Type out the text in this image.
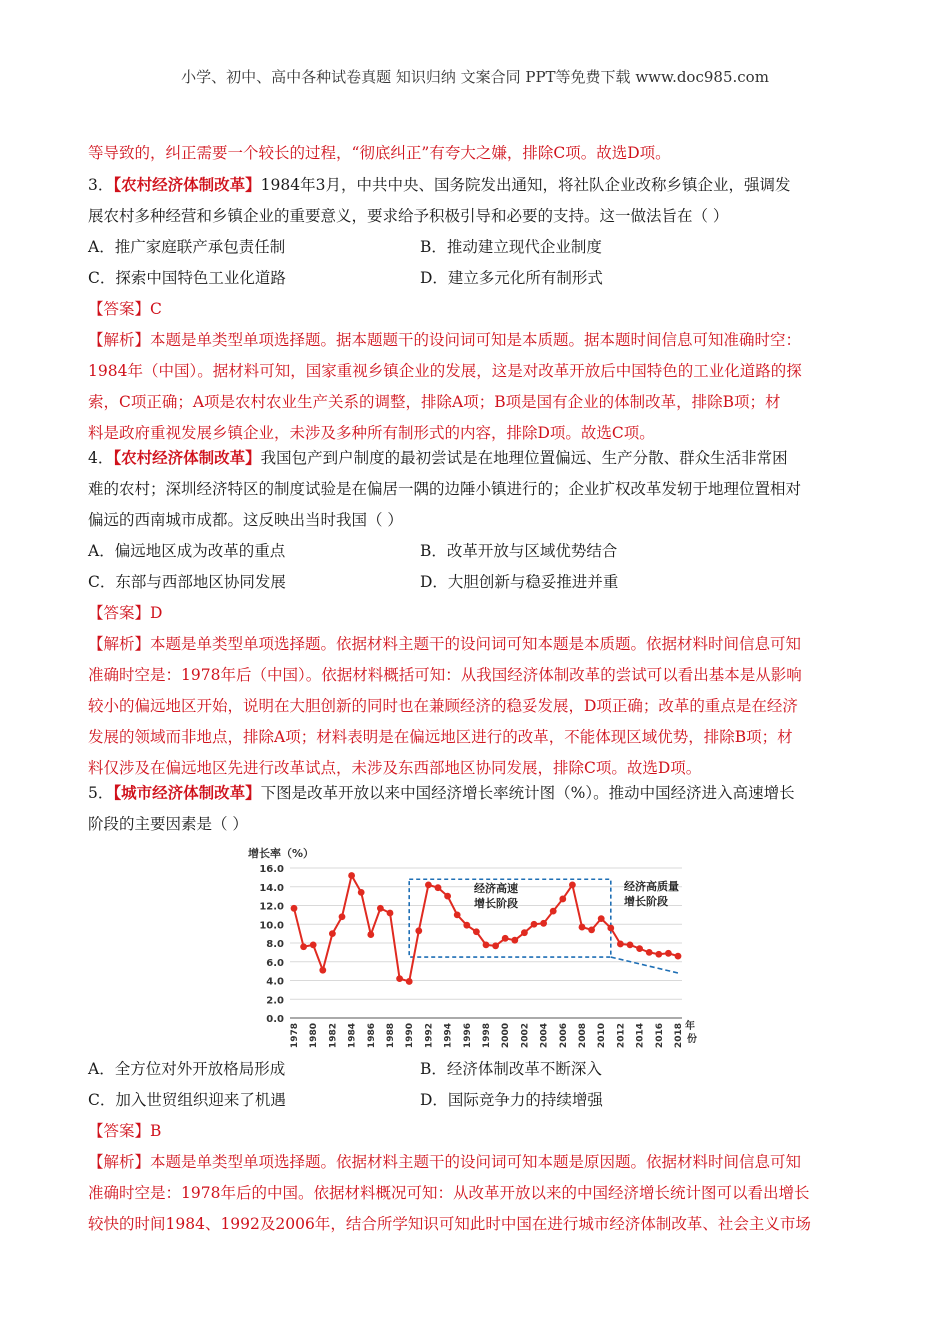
小学、初中、高中各种试卷真题 知识归纳 文案合同 PPT等免费下载 www.doc985.com
等导致的，纠正需要一个较长的过程，“彻底纠正”有夸大之嫌，排除C项。故选D项。
3．【农村经济体制改革】1984年3月，中共中央、国务院发出通知，将社队企业改称乡镇企业，强调发
展农村多种经营和乡镇企业的重要意义，要求给予积极引导和必要的支持。这一做法旨在（ ）
A．推广家庭联产承包责任制	B．推动建立现代企业制度
C．探索中国特色工业化道路	D．建立多元化所有制形式
【答案】C
【解析】本题是单类型单项选择题。据本题题干的设问词可知是本质题。据本题时间信息可知准确时空：
1984年（中国）。据材料可知，国家重视乡镇企业的发展，这是对改革开放后中国特色的工业化道路的探
索，C项正确；A项是农村农业生产关系的调整，排除A项；B项是国有企业的体制改革，排除B项；材
料是政府重视发展乡镇企业，未涉及多种所有制形式的内容，排除D项。故选C项。
4．【农村经济体制改革】我国包产到户制度的最初尝试是在地理位置偏远、生产分散、群众生活非常困
难的农村；深圳经济特区的制度试验是在偏居一隅的边陲小镇进行的；企业扩权改革发轫于地理位置相对
偏远的西南城市成都。这反映出当时我国（ ）
A．偏远地区成为改革的重点	B．改革开放与区域优势结合
C．东部与西部地区协同发展	D．大胆创新与稳妥推进并重
【答案】D
【解析】本题是单类型单项选择题。依据材料主题干的设问词可知本题是本质题。依据材料时间信息可知
准确时空是：1978年后（中国）。依据材料概括可知：从我国经济体制改革的尝试可以看出基本是从影响
较小的偏远地区开始，说明在大胆创新的同时也在兼顾经济的稳妥发展，D项正确；改革的重点是在经济
发展的领域而非地点，排除A项；材料表明是在偏远地区进行的改革，不能体现区域优势，排除B项；材
料仅涉及在偏远地区先进行改革试点，未涉及东西部地区协同发展，排除C项。故选D项。
5．【城市经济体制改革】下图是改革开放以来中国经济增长率统计图（%）。推动中国经济进入高速增长
阶段的主要因素是（ ）
增长率（%）
0.0
2.0
4.0
6.0
8.0
10.0
12.0
14.0
16.0
1978 1980 1982 1984 1986 1988 1990 1992 1994 1996 1998 2000 2002 2004 2006 2008 2010 2012 2014 2016 2018
经济高速
增长阶段
经济高质量
增长阶段
年
份
A．全方位对外开放格局形成	B．经济体制改革不断深入
C．加入世贸组织迎来了机遇	D．国际竞争力的持续增强
【答案】B
【解析】本题是单类型单项选择题。依据材料主题干的设问词可知本题是原因题。依据材料时间信息可知
准确时空是：1978年后的中国。依据材料概况可知：从改革开放以来的中国经济增长统计图可以看出增长
较快的时间1984、1992及2006年，结合所学知识可知此时中国在进行城市经济体制改革、社会主义市场
